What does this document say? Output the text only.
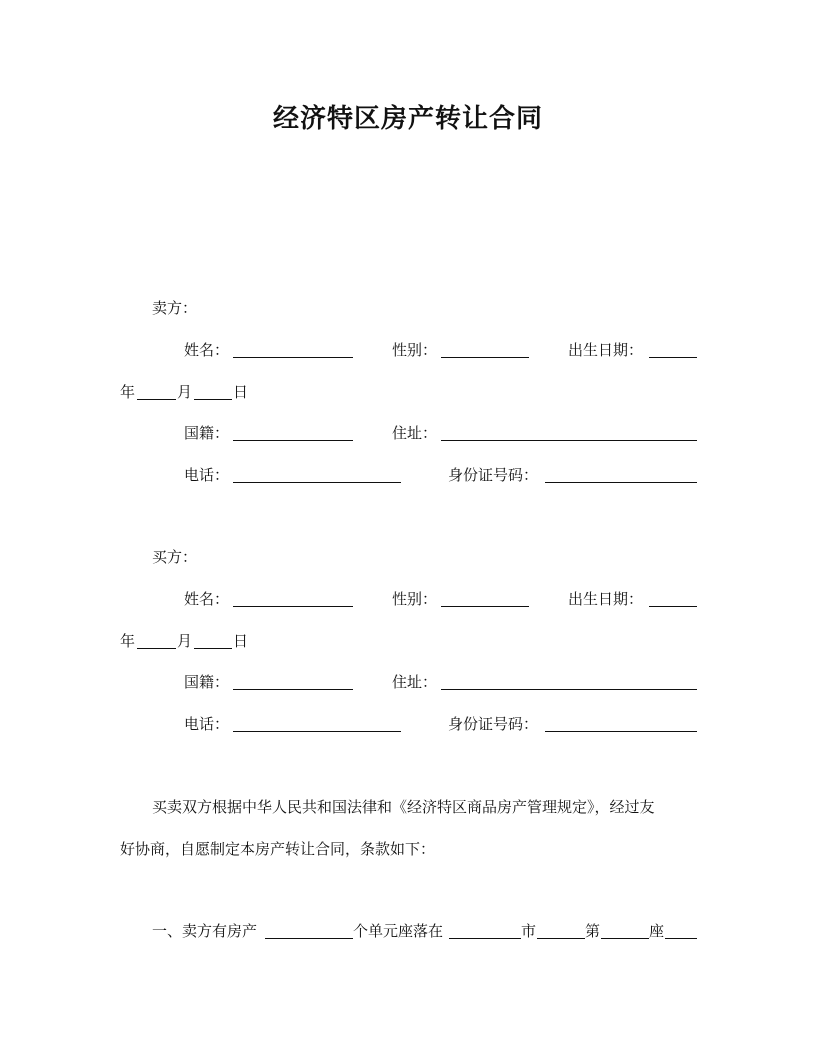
经济特区房产转让合同
卖方：
姓名：	性别：	出生日期：
年	月	日
国籍：	住址：
电话：	身份证号码：
买方：
姓名：	性别：	出生日期：
年	月	日
国籍：	住址：
电话：	身份证号码：
买卖双方根据中华人民共和国法律和《经济特区商品房产管理规定》，经过友
好协商，自愿制定本房产转让合同，条款如下：
一、卖方有房产	个单元座落在	市	第	座
